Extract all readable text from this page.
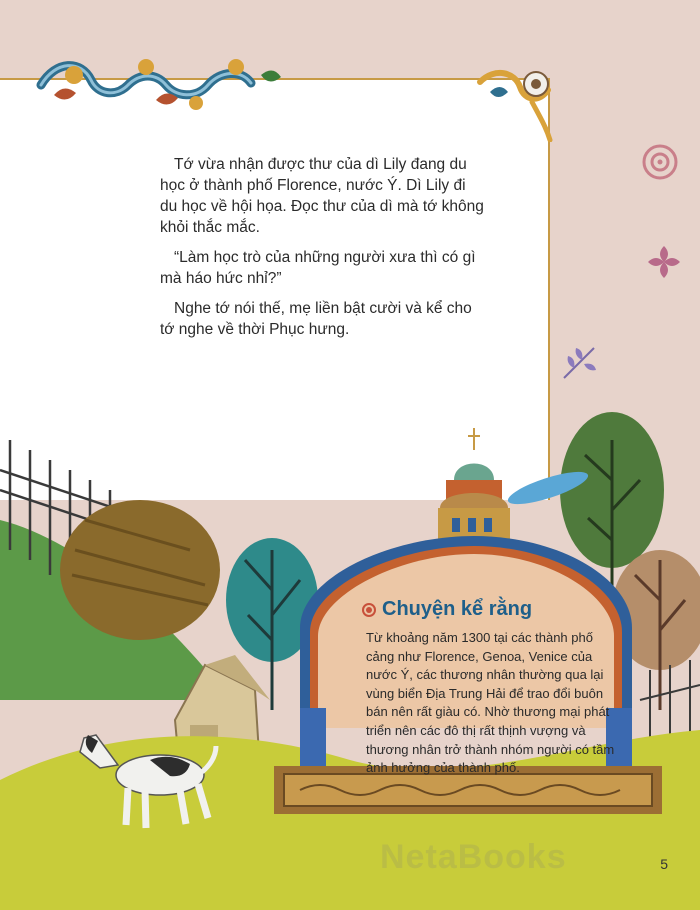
Tớ vừa nhận được thư của dì Lily đang du học ở thành phố Florence, nước Ý. Dì Lily đi du học về hội họa. Đọc thư của dì mà tớ không khỏi thắc mắc.

“Làm học trò của những người xưa thì có gì mà háo hức nhỉ?”

Nghe tớ nói thế, mẹ liền bật cười và kể cho tớ nghe về thời Phục hưng.

Chuyện kể rằng
Từ khoảng năm 1300 tại các thành phố cảng như Florence, Genoa, Venice của nước Ý, các thương nhân thường qua lại vùng biển Địa Trung Hải để trao đổi buôn bán nên rất giàu có. Nhờ thương mại phát triển nên các đô thị rất thịnh vượng và thương nhân trở thành nhóm người có tầm ảnh hưởng của thành phố.
NetaBooks	5
